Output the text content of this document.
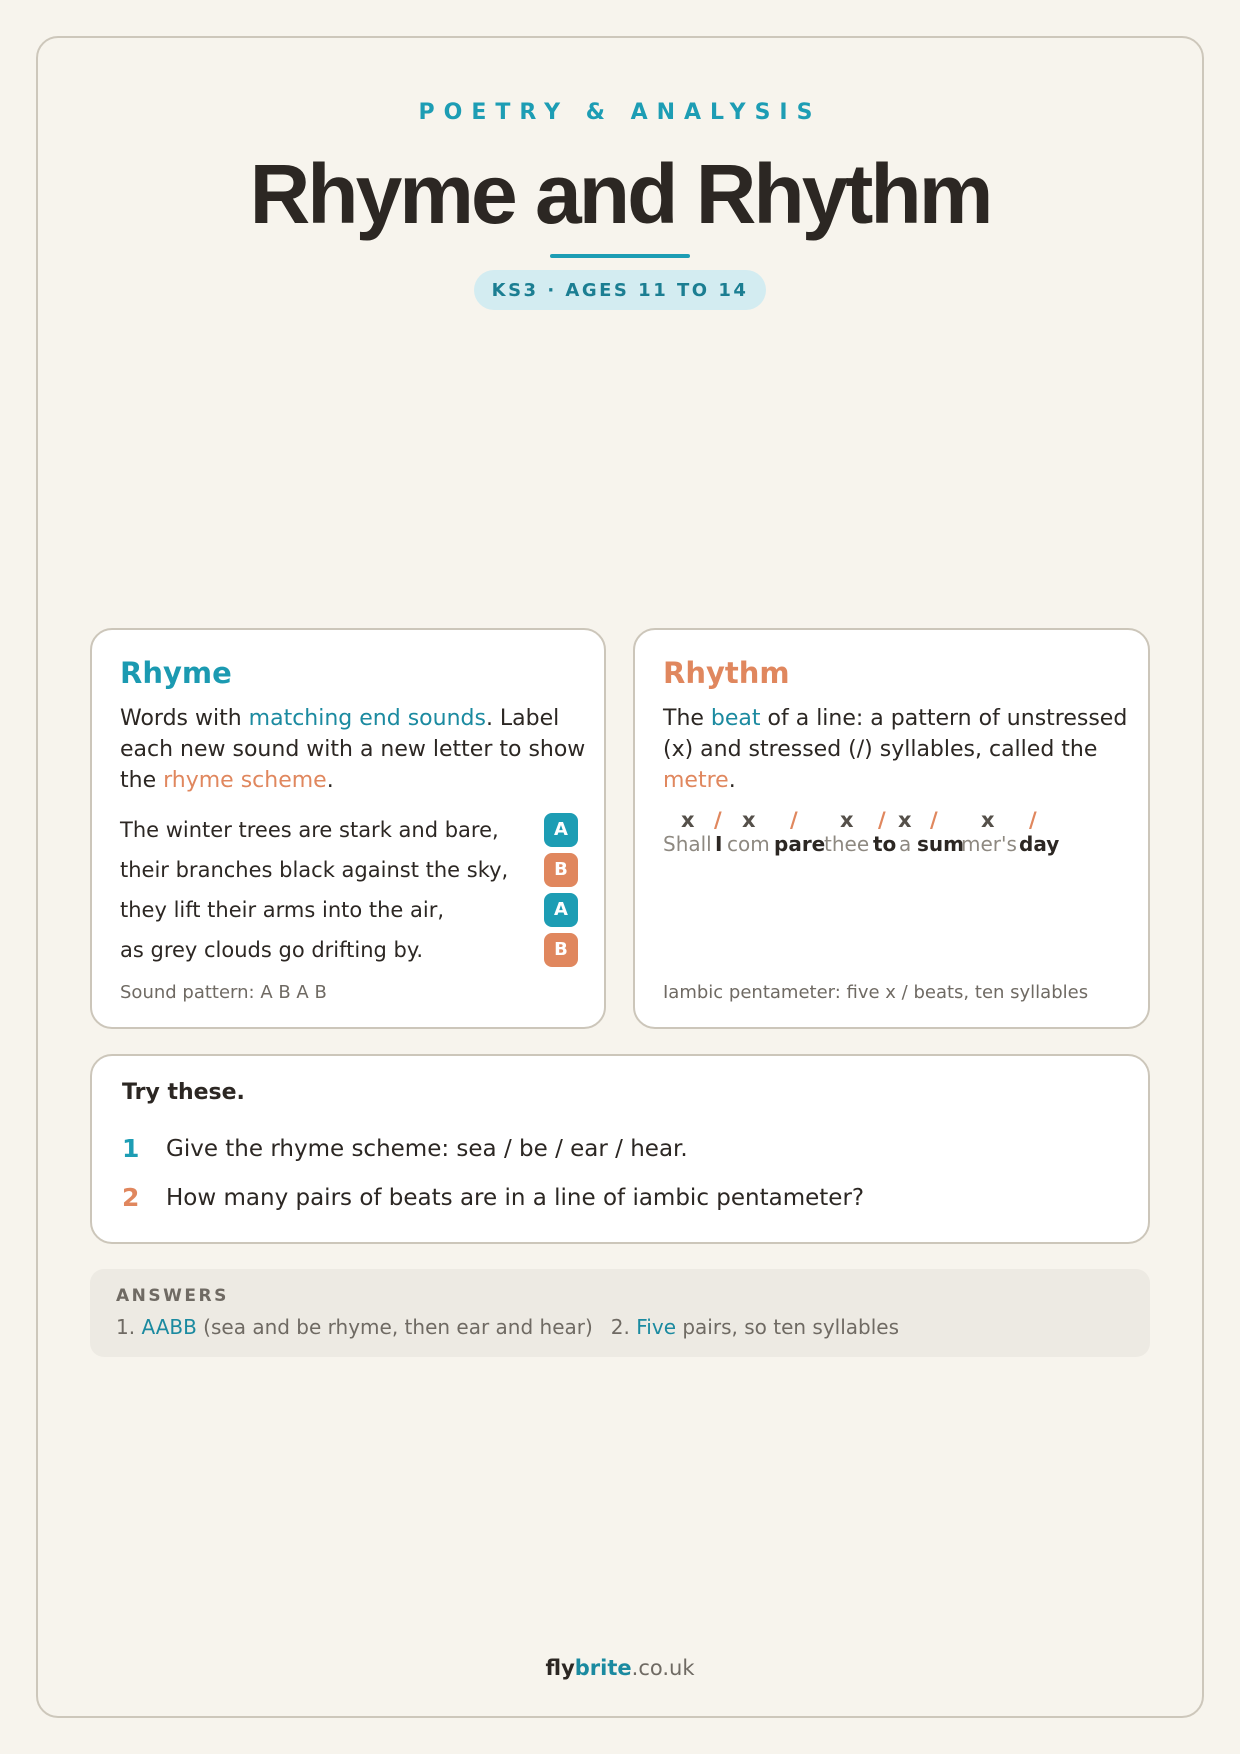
POETRY & ANALYSIS
Rhyme and Rhythm
KS3 · AGES 11 TO 14
Rhyme

Words with matching end sounds. Label each new sound with a new letter to show the rhyme scheme.

The winter trees are stark and bare,	A
their branches black against the sky,	B
they lift their arms into the air,	A
as grey clouds go drifting by.	B
Sound pattern: A B A B
Rhythm

The beat of a line: a pattern of unstressed (x) and stressed (/) syllables, called the metre.

x / x / x / x / x /
Shall I com pare
thee to a sum
mer's day
Iambic pentameter: five x / beats, ten syllables
Try these.
1 Give the rhyme scheme: sea / be / ear / hear.
2 How many pairs of beats are in a line of iambic pentameter?
ANSWERS
1. AABB (sea and be rhyme, then ear and hear) 2. Five pairs, so ten syllables
flybrite.co.uk
